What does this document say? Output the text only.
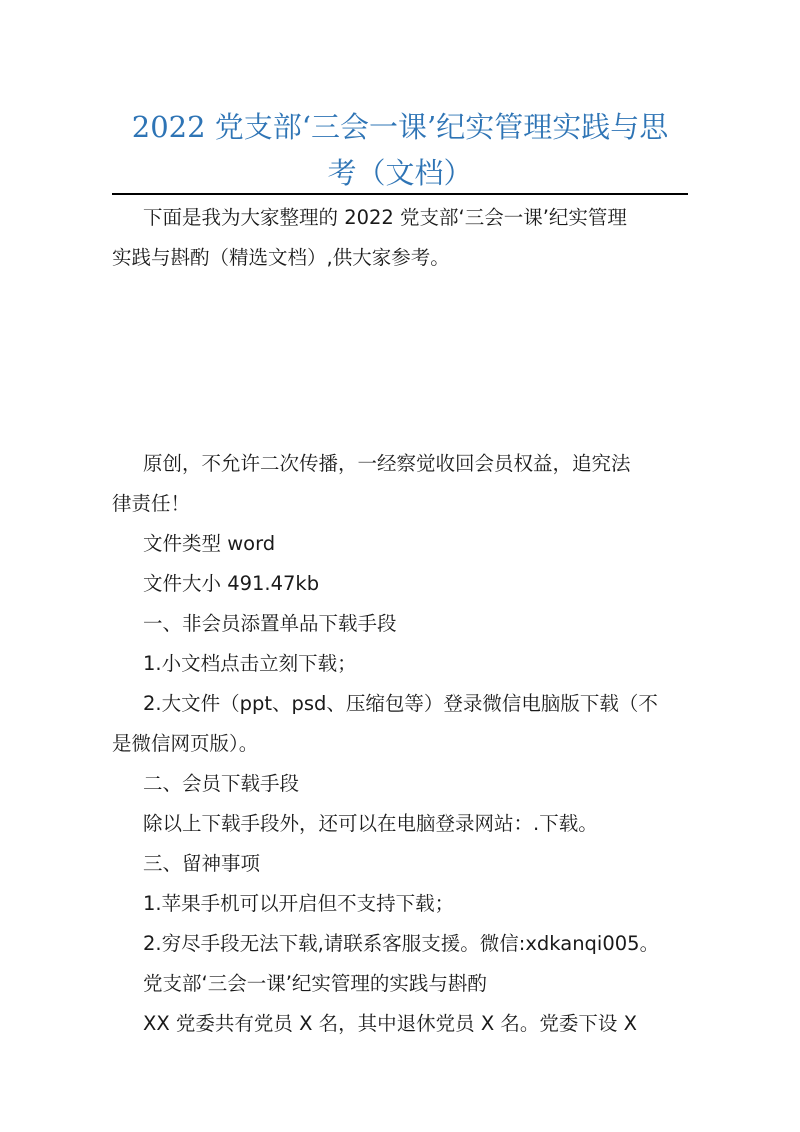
2022 党支部‘三会一课’纪实管理实践与思
考（文档）

下面是我为大家整理的 2022 党支部‘三会一课’纪实管理

实践与斟酌（精选文档）,供大家参考。

原创，不允许二次传播，一经察觉收回会员权益，追究法

律责任！

文件类型 word

文件大小 491.47kb

一、非会员添置单品下载手段

1.小文档点击立刻下载；

2.大文件（ppt、psd、压缩包等）登录微信电脑版下载（不

是微信网页版）。

二、会员下载手段

除以上下载手段外，还可以在电脑登录网站：.下载。

三、留神事项

1.苹果手机可以开启但不支持下载；

2.穷尽手段无法下载,请联系客服支援。微信:xdkanqi005。

党支部‘三会一课’纪实管理的实践与斟酌

XX 党委共有党员 X 名，其中退休党员 X 名。党委下设 X
